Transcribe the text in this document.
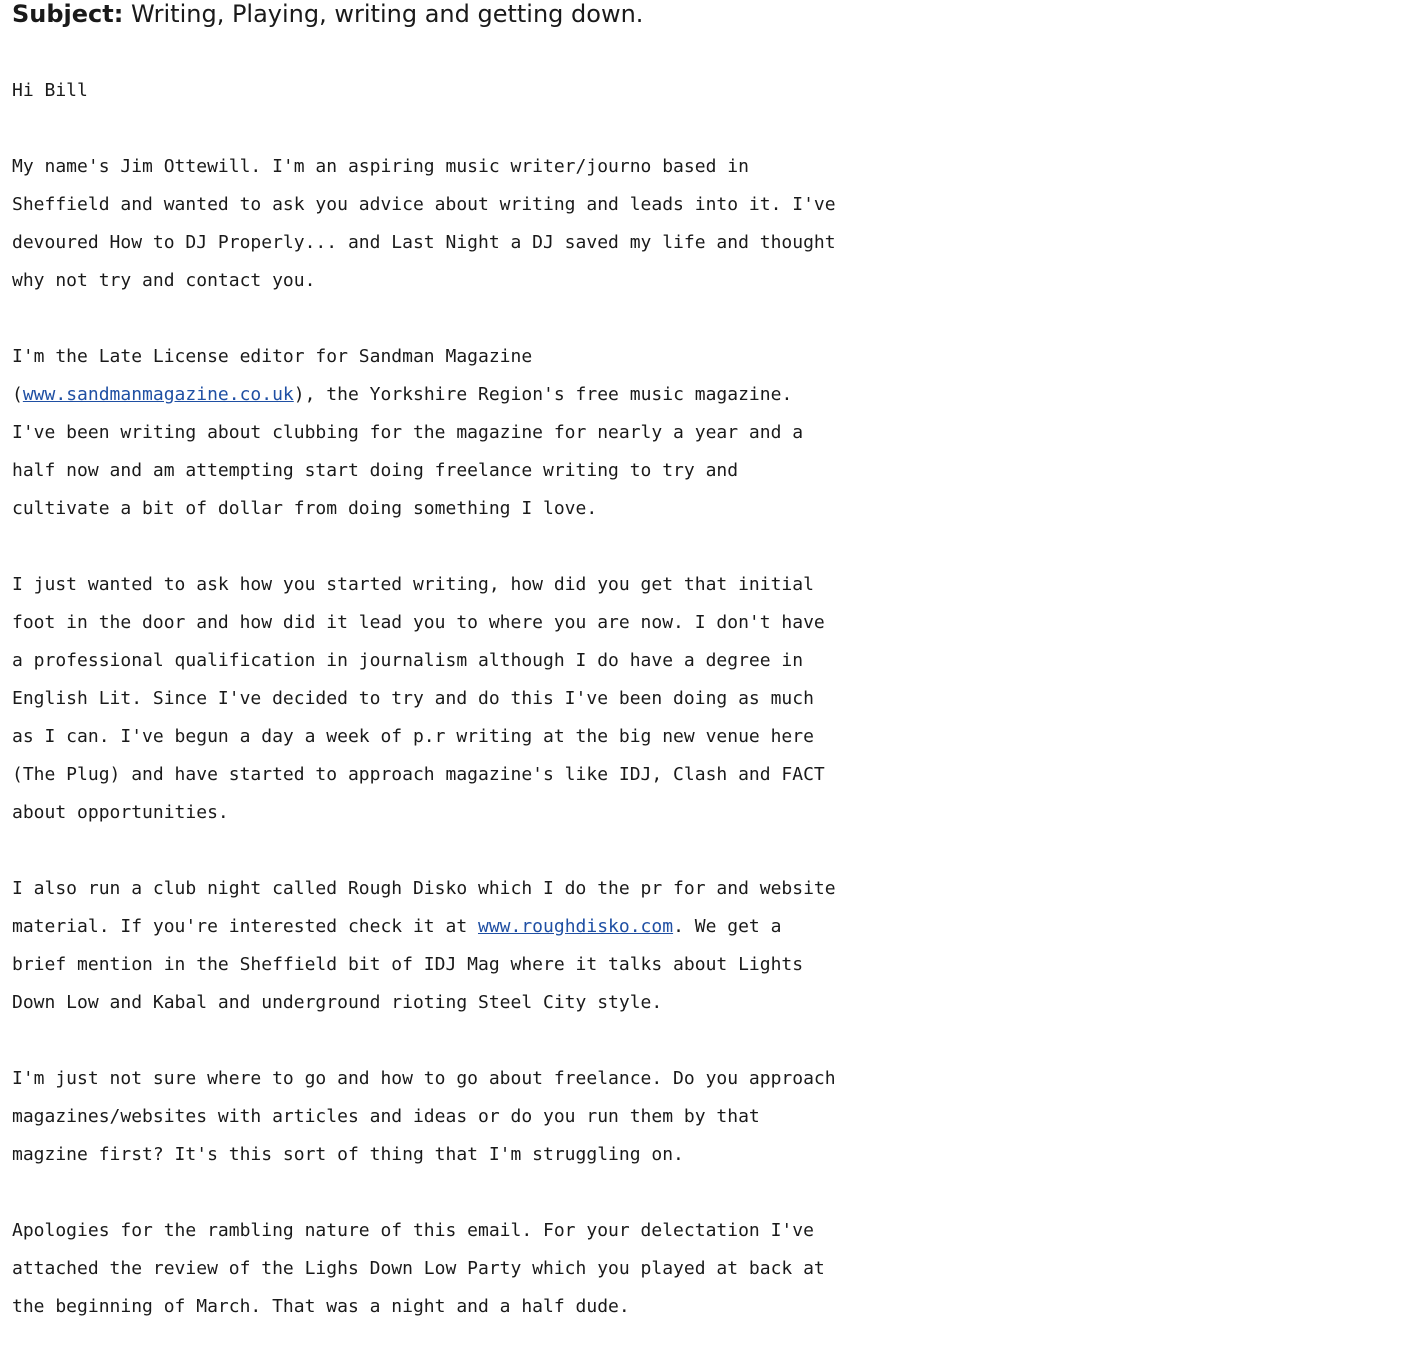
Subject: Writing, Playing, writing and getting down.
Hi Bill
My name's Jim Ottewill. I'm an aspiring music writer/journo based in
Sheffield and wanted to ask you advice about writing and leads into it. I've
devoured How to DJ Properly... and Last Night a DJ saved my life and thought
why not try and contact you.
I'm the Late License editor for Sandman Magazine
(www.sandmanmagazine.co.uk), the Yorkshire Region's free music magazine.
I've been writing about clubbing for the magazine for nearly a year and a
half now and am attempting start doing freelance writing to try and
cultivate a bit of dollar from doing something I love.
I just wanted to ask how you started writing, how did you get that initial
foot in the door and how did it lead you to where you are now. I don't have
a professional qualification in journalism although I do have a degree in
English Lit. Since I've decided to try and do this I've been doing as much
as I can. I've begun a day a week of p.r writing at the big new venue here
(The Plug) and have started to approach magazine's like IDJ, Clash and FACT
about opportunities.
I also run a club night called Rough Disko which I do the pr for and website
material. If you're interested check it at www.roughdisko.com. We get a
brief mention in the Sheffield bit of IDJ Mag where it talks about Lights
Down Low and Kabal and underground rioting Steel City style.
I'm just not sure where to go and how to go about freelance. Do you approach
magazines/websites with articles and ideas or do you run them by that
magzine first? It's this sort of thing that I'm struggling on.
Apologies for the rambling nature of this email. For your delectation I've
attached the review of the Lighs Down Low Party which you played at back at
the beginning of March. That was a night and a half dude.
